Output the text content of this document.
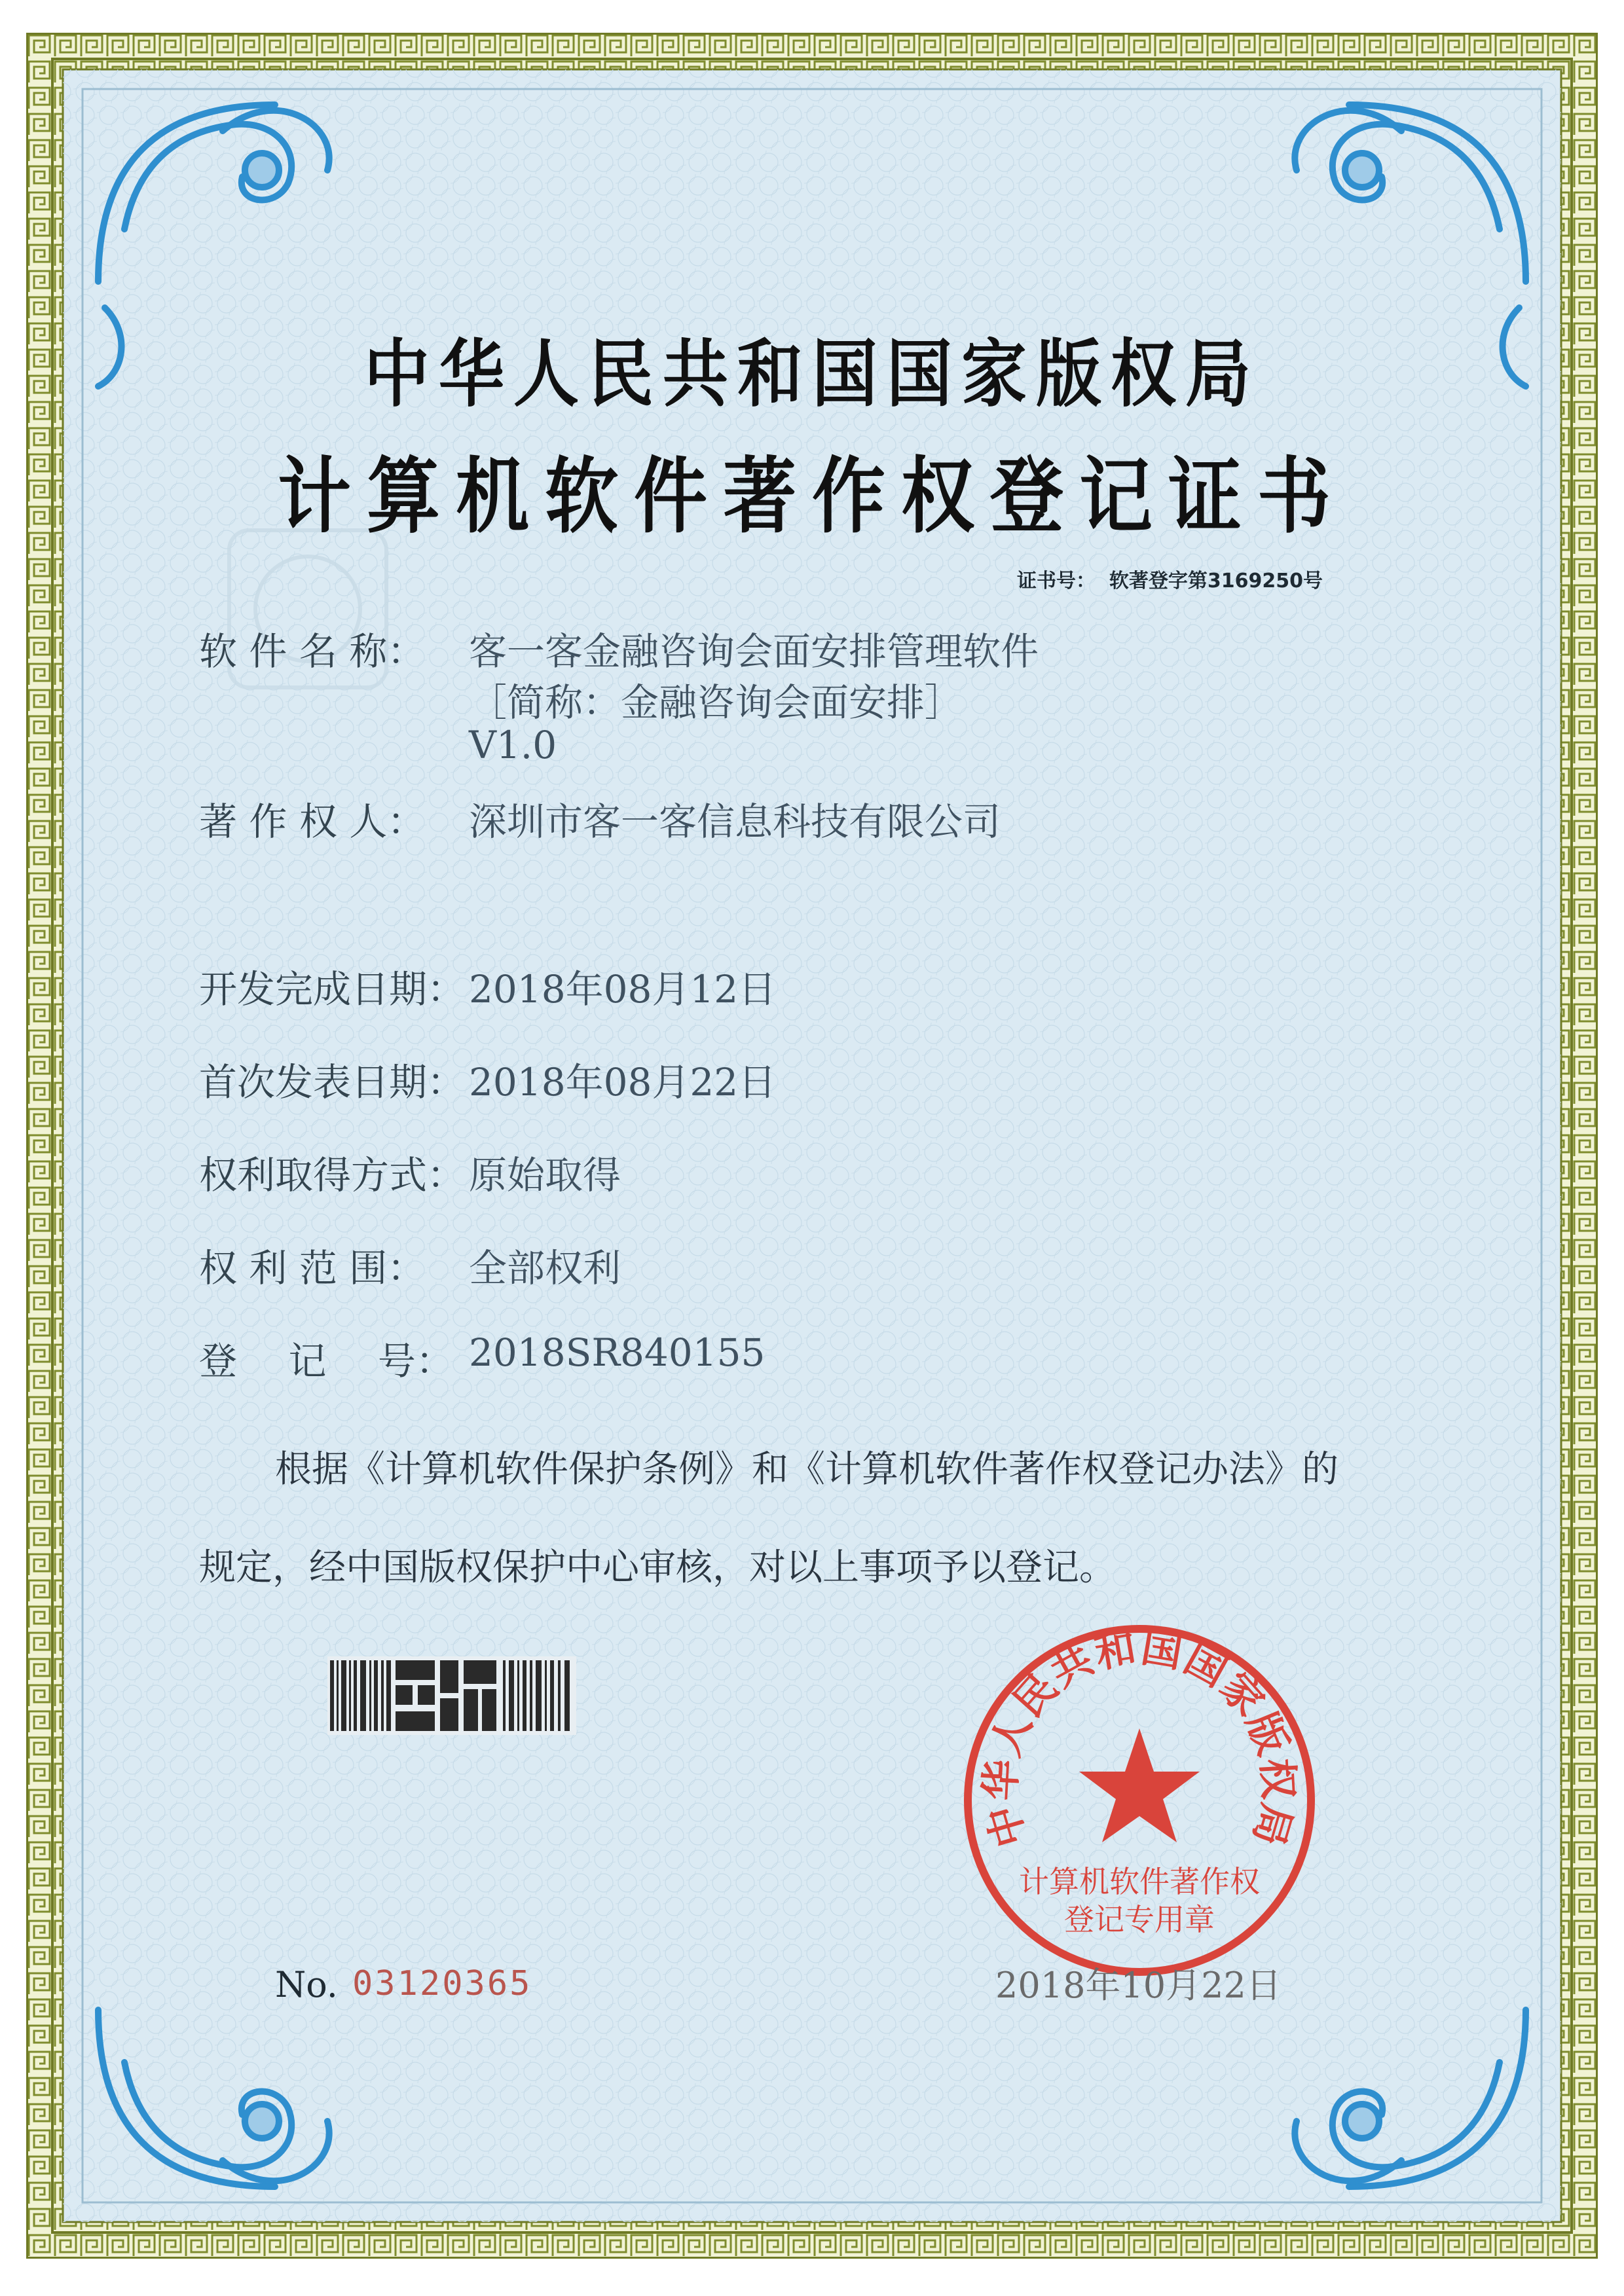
中华人民共和国国家版权局
计算机软件著作权登记证书
证书号： 软著登字第3169250号
软 件 名 称： 客一客金融咨询会面安排管理软件
［简称：金融咨询会面安排］
V1.0
著 作 权 人： 深圳市客一客信息科技有限公司
开发完成日期： 2018年08月12日
首次发表日期： 2018年08月22日
权利取得方式： 原始取得
权 利 范 围： 全部权利
登 记 号： 2018SR840155
根据《计算机软件保护条例》和《计算机软件著作权登记办法》的
规定，经中国版权保护中心审核，对以上事项予以登记。
中华人民共和国国家版权局
计算机软件著作权
登记专用章
No. 03120365	2018年10月22日
